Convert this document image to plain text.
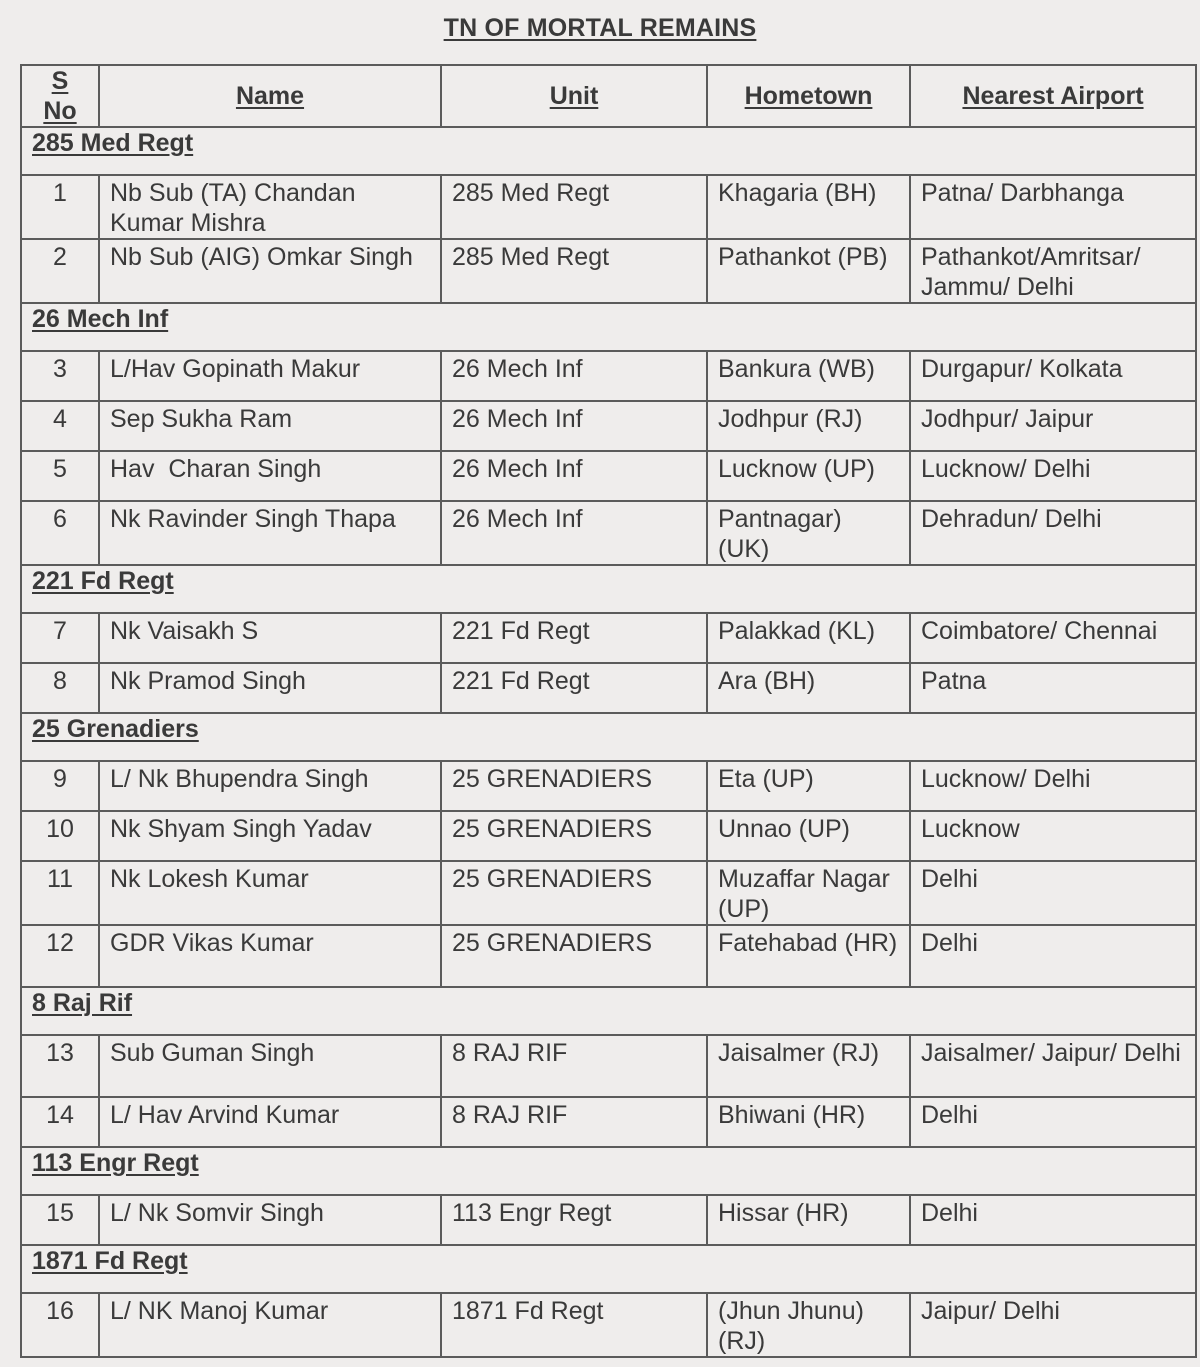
TN OF MORTAL REMAINS
S
No	Name	Unit	Hometown	Nearest Airport
285 Med Regt				
1	Nb Sub (TA) Chandan Kumar Mishra	285 Med Regt	Khagaria (BH)	Patna/ Darbhanga
2	Nb Sub (AIG) Omkar Singh	285 Med Regt	Pathankot (PB)	Pathankot/Amritsar/ Jammu/ Delhi
26 Mech Inf				
3	L/Hav Gopinath Makur	26 Mech Inf	Bankura (WB)	Durgapur/ Kolkata
4	Sep Sukha Ram	26 Mech Inf	Jodhpur (RJ)	Jodhpur/ Jaipur
5	Hav  Charan Singh	26 Mech Inf	Lucknow (UP)	Lucknow/ Delhi
6	Nk Ravinder Singh Thapa	26 Mech Inf	Pantnagar) (UK)	Dehradun/ Delhi
221 Fd Regt				
7	Nk Vaisakh S	221 Fd Regt	Palakkad (KL)	Coimbatore/ Chennai
8	Nk Pramod Singh	221 Fd Regt	Ara (BH)	Patna
25 Grenadiers				
9	L/ Nk Bhupendra Singh	25 GRENADIERS	Eta (UP)	Lucknow/ Delhi
10	Nk Shyam Singh Yadav	25 GRENADIERS	Unnao (UP)	Lucknow
11	Nk Lokesh Kumar	25 GRENADIERS	Muzaffar Nagar (UP)	Delhi
12	GDR Vikas Kumar	25 GRENADIERS	Fatehabad (HR)	Delhi
8 Raj Rif				
13	Sub Guman Singh	8 RAJ RIF	Jaisalmer (RJ)	Jaisalmer/ Jaipur/ Delhi
14	L/ Hav Arvind Kumar	8 RAJ RIF	Bhiwani (HR)	Delhi
113 Engr Regt				
15	L/ Nk Somvir Singh	113 Engr Regt	Hissar (HR)	Delhi
1871 Fd Regt				
16	L/ NK Manoj Kumar	1871 Fd Regt	(Jhun Jhunu) (RJ)	Jaipur/ Delhi
